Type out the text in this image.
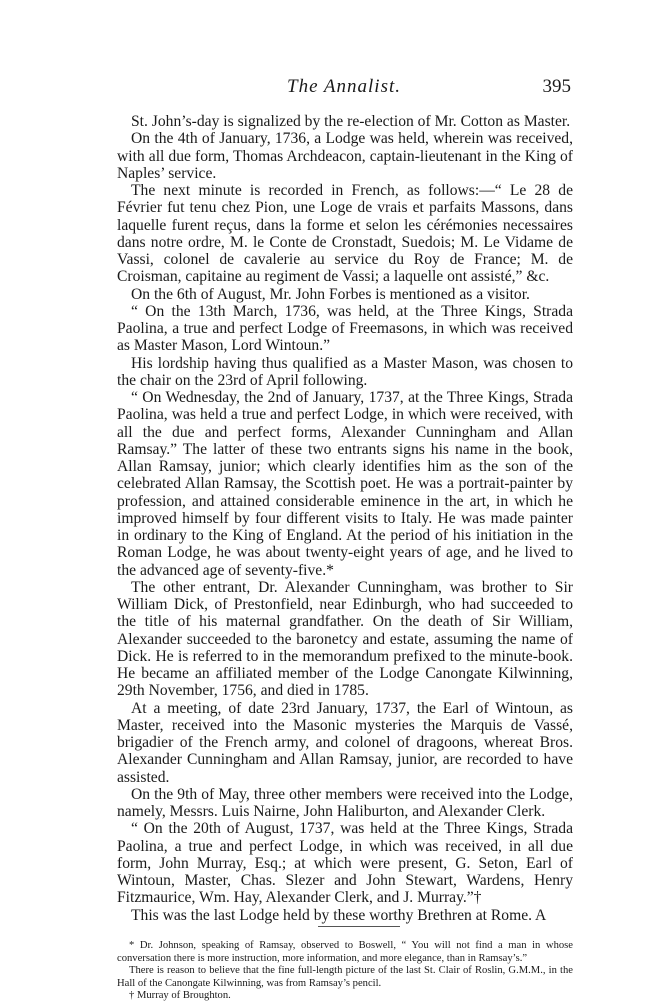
The Annalist.	395

St. John’s-day is signalized by the re-election of Mr. Cotton as Master.

On the 4th of January, 1736, a Lodge was held, wherein was received, with all due form, Thomas Archdeacon, captain-lieutenant in the King of Naples’ service.

The next minute is recorded in French, as follows:—“ Le 28 de Février fut tenu chez Pion, une Loge de vrais et parfaits Massons, dans laquelle furent reçus, dans la forme et selon les cérémonies necessaires dans notre ordre, M. le Conte de Cronstadt, Suedois; M. Le Vidame de Vassi, colonel de cavalerie au service du Roy de France; M. de Croisman, capitaine au regiment de Vassi; a laquelle ont assisté,” &c.

On the 6th of August, Mr. John Forbes is mentioned as a visitor.

“ On the 13th March, 1736, was held, at the Three Kings, Strada Paolina, a true and perfect Lodge of Freemasons, in which was received as Master Mason, Lord Wintoun.”

His lordship having thus qualified as a Master Mason, was chosen to the chair on the 23rd of April following.

“ On Wednesday, the 2nd of January, 1737, at the Three Kings, Strada Paolina, was held a true and perfect Lodge, in which were received, with all the due and perfect forms, Alexander Cunningham and Allan Ramsay.” The latter of these two entrants signs his name in the book, Allan Ramsay, junior; which clearly identifies him as the son of the celebrated Allan Ramsay, the Scottish poet. He was a portrait-painter by profession, and attained considerable eminence in the art, in which he improved himself by four different visits to Italy. He was made painter in ordinary to the King of England. At the period of his initiation in the Roman Lodge, he was about twenty-eight years of age, and he lived to the advanced age of seventy-five.*

The other entrant, Dr. Alexander Cunningham, was brother to Sir William Dick, of Prestonfield, near Edinburgh, who had succeeded to the title of his maternal grandfather. On the death of Sir William, Alexander succeeded to the baronetcy and estate, assuming the name of Dick. He is referred to in the memorandum prefixed to the minute-book. He became an affiliated member of the Lodge Canongate Kilwinning, 29th November, 1756, and died in 1785.

At a meeting, of date 23rd January, 1737, the Earl of Wintoun, as Master, received into the Masonic mysteries the Marquis de Vassé, brigadier of the French army, and colonel of dragoons, whereat Bros. Alexander Cunningham and Allan Ramsay, junior, are recorded to have assisted.

On the 9th of May, three other members were received into the Lodge, namely, Messrs. Luis Nairne, John Haliburton, and Alexander Clerk.

“ On the 20th of August, 1737, was held at the Three Kings, Strada Paolina, a true and perfect Lodge, in which was received, in all due form, John Murray, Esq.; at which were present, G. Seton, Earl of Wintoun, Master, Chas. Slezer and John Stewart, Wardens, Henry Fitzmaurice, Wm. Hay, Alexander Clerk, and J. Murray.”†

This was the last Lodge held by these worthy Brethren at Rome. A

* Dr. Johnson, speaking of Ramsay, observed to Boswell, “ You will not find a man in whose conversation there is more instruction, more information, and more elegance, than in Ramsay’s.”

There is reason to believe that the fine full-length picture of the last St. Clair of Roslin, G.M.M., in the Hall of the Canongate Kilwinning, was from Ramsay’s pencil.

† Murray of Broughton.
